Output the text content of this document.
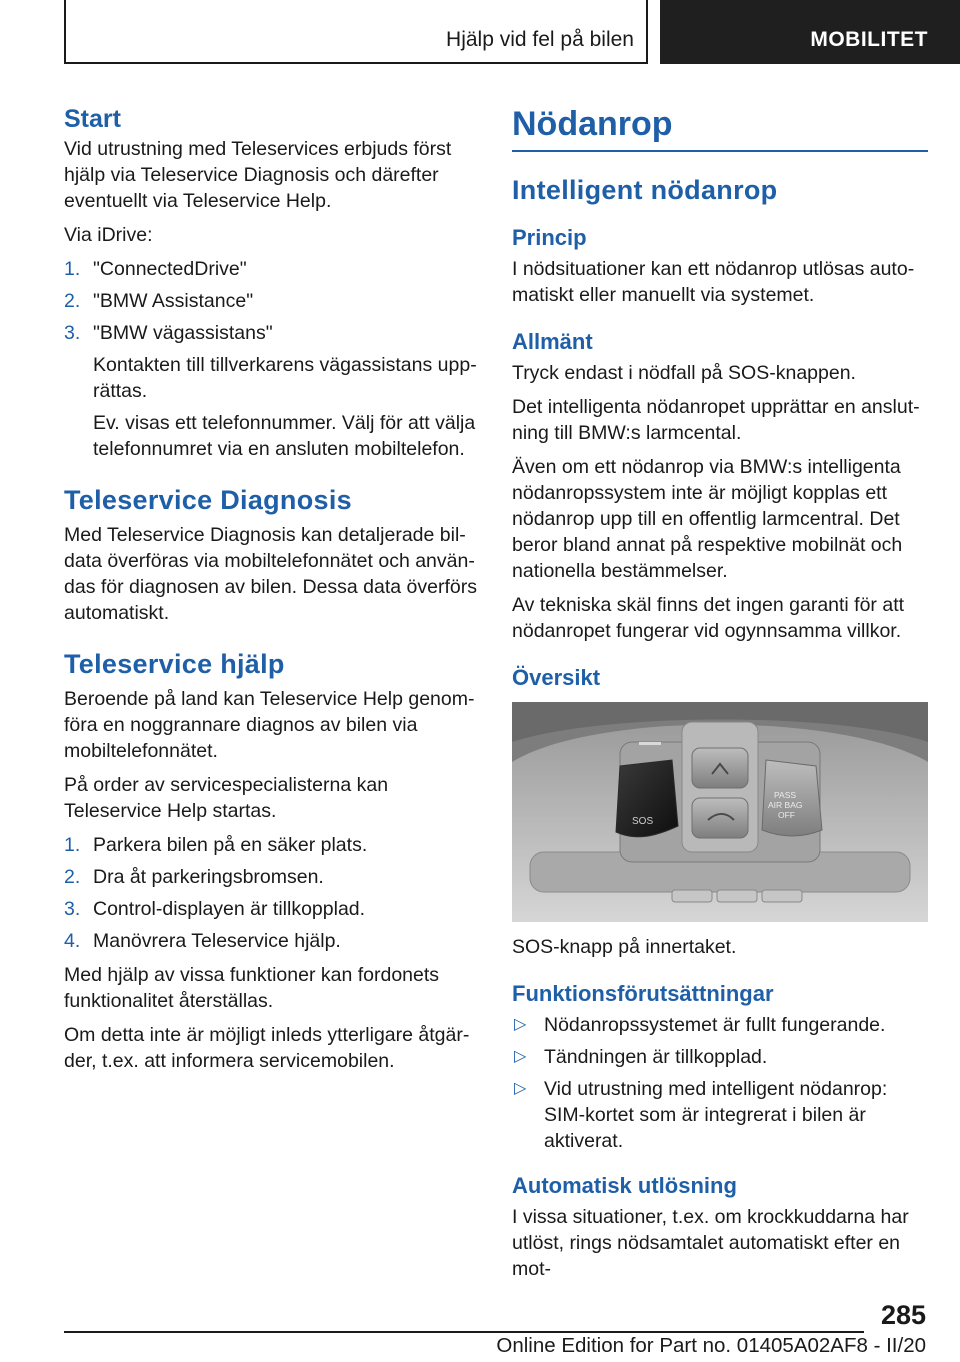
Hjälp vid fel på bilen	MOBILITET
Start

Vid utrustning med Teleservices erbjuds först hjälp via Teleservice Diagnosis och därefter eventuellt via Teleservice Help.

Via iDrive:

1. "ConnectedDrive"
2. "BMW Assistance"
3. "BMW vägassistans"
Kontakten till tillverkarens vägassistans upprättas.
Ev. visas ett telefonnummer. Välj för att välja telefonnumret via en ansluten mobiltelefon.
Teleservice Diagnosis

Med Teleservice Diagnosis kan detaljerade bildata överföras via mobiltelefonnätet och användas för diagnosen av bilen. Dessa data överförs automatiskt.

Teleservice hjälp

Beroende på land kan Teleservice Help genomföra en noggrannare diagnos av bilen via mobiltelefonnätet.

På order av servicespecialisterna kan Teleservice Help startas.

1. Parkera bilen på en säker plats.
2. Dra åt parkeringsbromsen.
3. Control-displayen är tillkopplad.
4. Manövrera Teleservice hjälp.

Med hjälp av vissa funktioner kan fordonets funktionalitet återställas.

Om detta inte är möjligt inleds ytterligare åtgärder, t.ex. att informera servicemobilen.

Nödanrop
Intelligent nödanrop
Princip

I nödsituationer kan ett nödanrop utlösas automatiskt eller manuellt via systemet.

Allmänt

Tryck endast i nödfall på SOS-knappen.

Det intelligenta nödanropet upprättar en anslutning till BMW:s larmcental.

Även om ett nödanrop via BMW:s intelligenta nödanropssystem inte är möjligt kopplas ett nödanrop upp till en offentlig larmcentral. Det beror bland annat på respektive mobilnät och nationella bestämmelser.

Av tekniska skäl finns det ingen garanti för att nödanropet fungerar vid ogynnsamma villkor.

Översikt
SOS
PASS
AIR BAG
OFF

SOS-knapp på innertaket.

Funktionsförutsättningar
▷ Nödanropssystemet är fullt fungerande.
▷ Tändningen är tillkopplad.
▷ Vid utrustning med intelligent nödanrop: SIM-kortet som är integrerat i bilen är aktiverat.
Automatisk utlösning

I vissa situationer, t.ex. om krockkuddarna har utlöst, rings nödsamtalet automatiskt efter en mot-

285
Online Edition for Part no. 01405A02AF8 - II/20
